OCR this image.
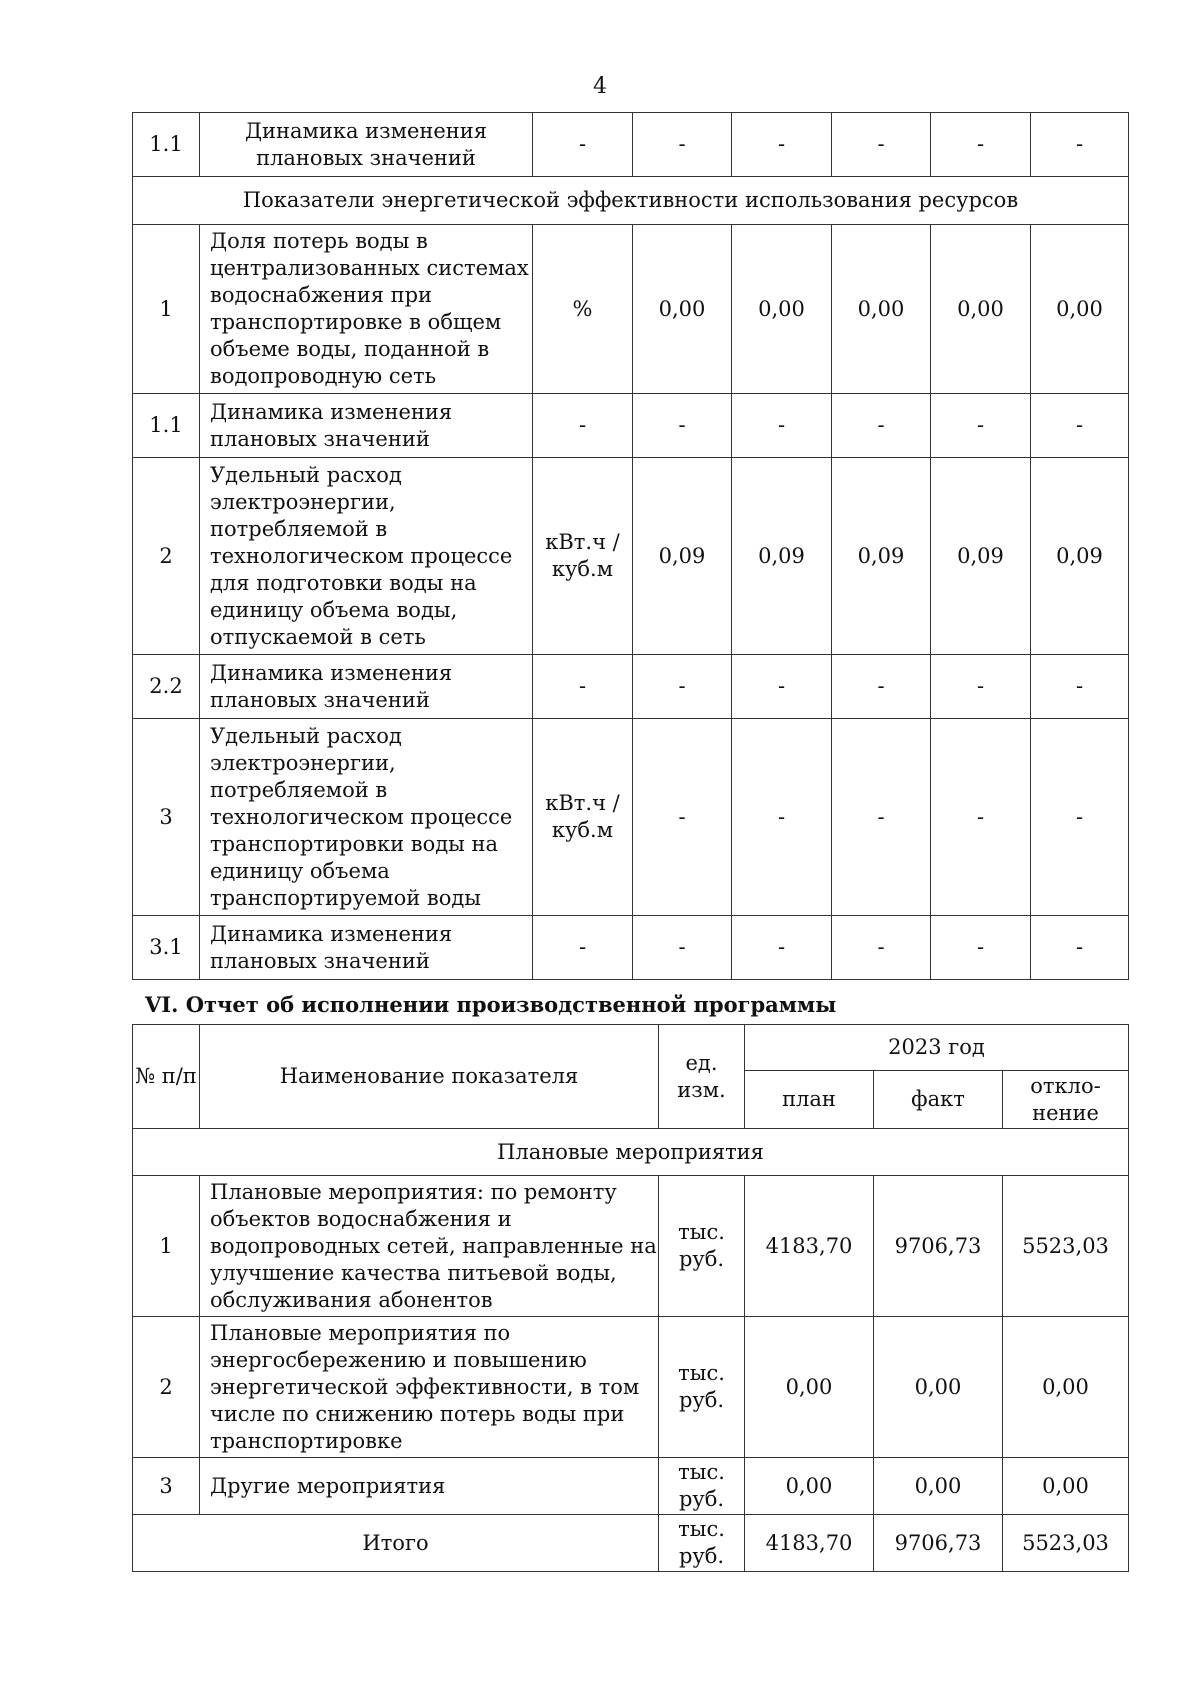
4
1.1	Динамика изменения плановых значений	-	-	-	-	-	-
Показатели энергетической эффективности использования ресурсов							
1	Доля потерь воды в централизованных системах водоснабжения при транспортировке в общем объеме воды, поданной в водопроводную сеть	%	0,00	0,00	0,00	0,00	0,00
1.1	Динамика изменения плановых значений	-	-	-	-	-	-
2	Удельный расход электроэнергии, потребляемой в технологическом процессе для подготовки воды на единицу объема воды, отпускаемой в сеть	кВт.ч / куб.м	0,09	0,09	0,09	0,09	0,09
2.2	Динамика изменения плановых значений	-	-	-	-	-	-
3	Удельный расход электроэнергии, потребляемой в технологическом процессе транспортировки воды на единицу объема транспортируемой воды	кВт.ч / куб.м	-	-	-	-	-
3.1	Динамика изменения плановых значений	-	-	-	-	-	-
VI. Отчет об исполнении производственной программы
№ п/п	Наименование показателя	ед. изм.	2023 год		
			план	факт	откло-нение
Плановые мероприятия					
1	Плановые мероприятия: по ремонту объектов водоснабжения и водопроводных сетей, направленные на улучшение качества питьевой воды, обслуживания абонентов	тыс. руб.	4183,70	9706,73	5523,03
2	Плановые мероприятия по энергосбережению и повышению энергетической эффективности, в том числе по снижению потерь воды при транспортировке	тыс. руб.	0,00	0,00	0,00
3	Другие мероприятия	тыс. руб.	0,00	0,00	0,00
Итого		тыс. руб.	4183,70	9706,73	5523,03
